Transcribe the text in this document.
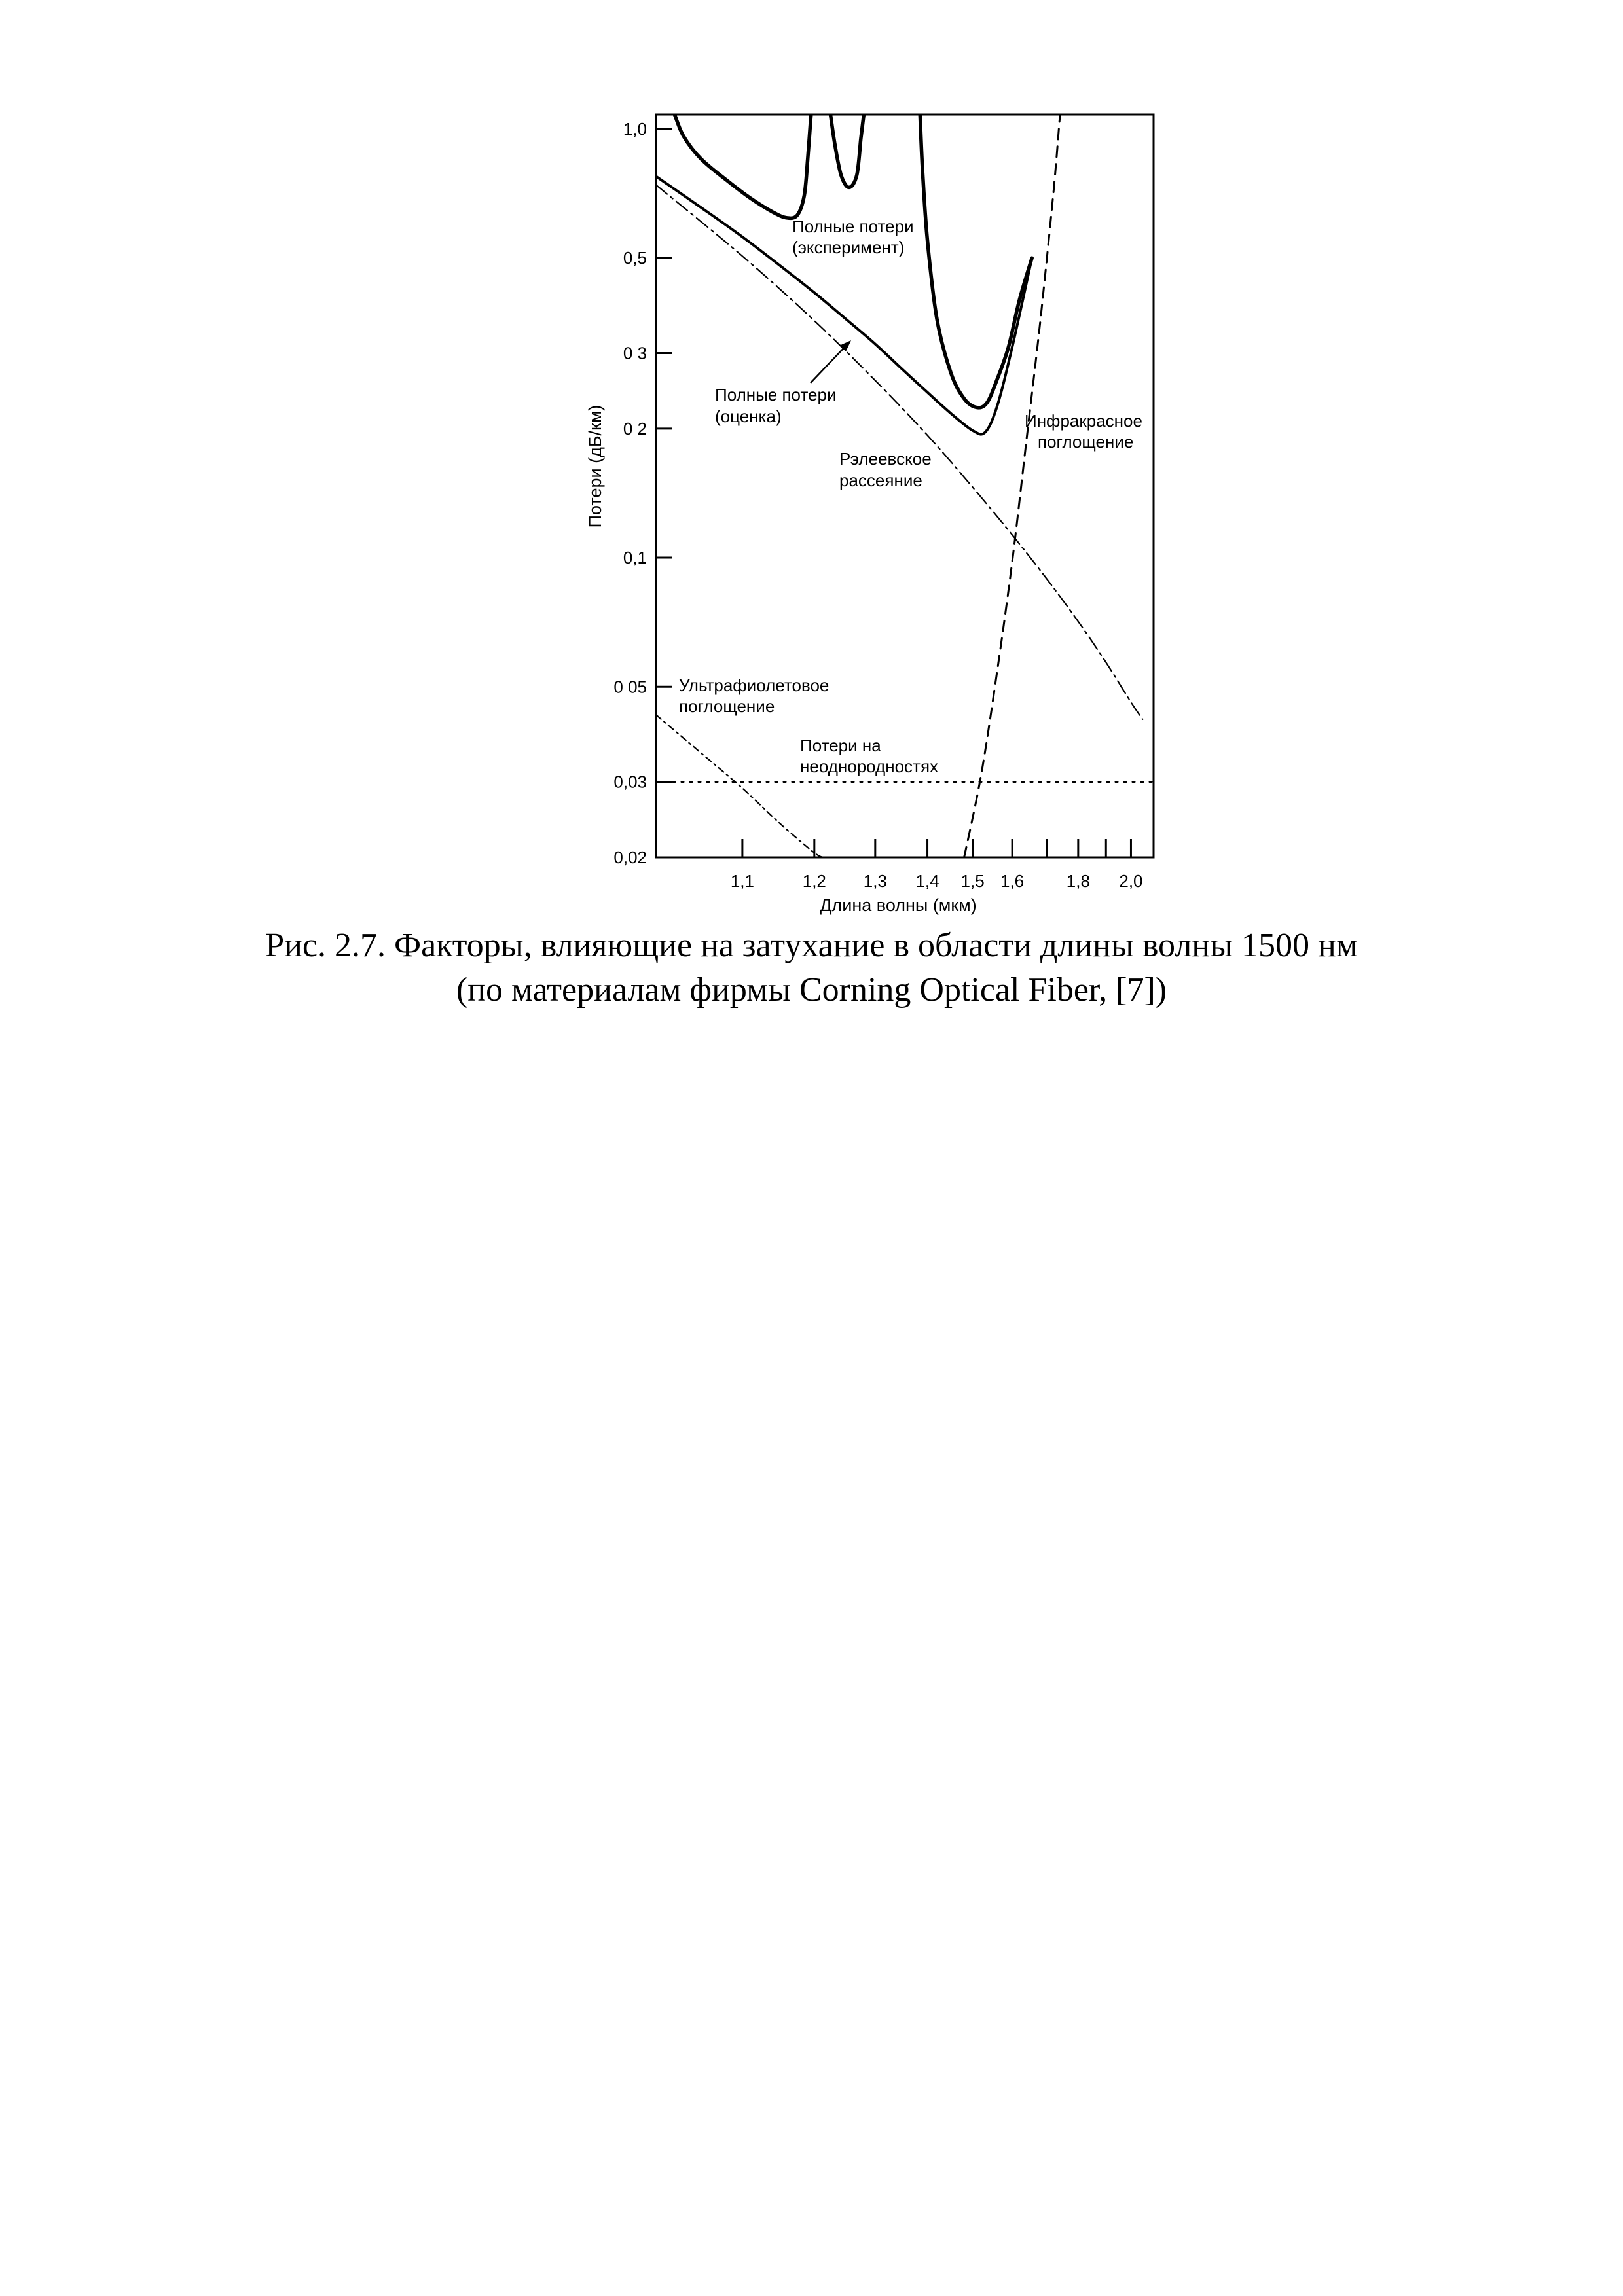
1,1	1,2 1,3 1,4 1,5 1,6 1,8 2,0
1,0
0,5
0 3
0 2
0,1
0 05
0,03
0,02
Длина волны (мкм)
Потери (дБ/км)
Полные потери
(эксперимент)
Полные потери
(оценка)	Инфракрасное
поглощение
Рэлеевское
рассеяние
Ультрафиолетовое
поглощение
Потери на
неоднородностях
Рис. 2.7. Факторы, влияющие на затухание в области длины волны 1500 нм
(по материалам фирмы Corning Optical Fiber, [7])
